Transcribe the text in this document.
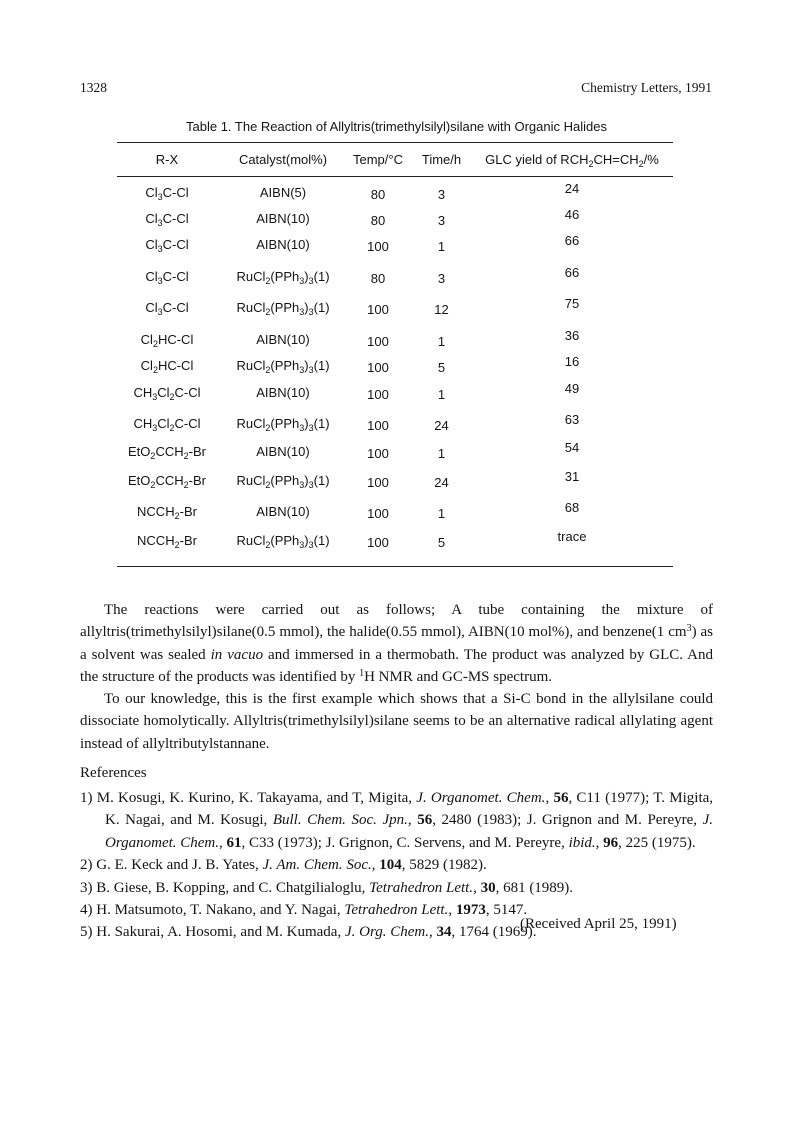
1328	Chemistry Letters, 1991
Table 1. The Reaction of Allyltris(trimethylsilyl)silane with Organic Halides
R-X	Catalyst(mol%)	Temp/°C	Time/h	GLC yield of $RCH_2CH=CH_2/\%$
$Cl_3C-Cl$	AIBN(5)	80	3	24
$Cl_3C-Cl$	AIBN(10)	80	3	46
$Cl_3C-Cl$	AIBN(10)	100	1	66
$Cl_3C-Cl$	$RuCl_2(PPh_3)_3(1)$	80	3	66
$Cl_3C-Cl$	$RuCl_2(PPh_3)_3(1)$	100	12	75
$Cl_2HC-Cl$	AIBN(10)	100	1	36
$Cl_2HC-Cl$	$RuCl_2(PPh_3)_3(1)$	100	5	16
$CH_3Cl_2C-Cl$	AIBN(10)	100	1	49
$CH_3Cl_2C-Cl$	$RuCl_2(PPh_3)_3(1)$	100	24	63
$EtO_2CCH_2-Br$	AIBN(10)	100	1	54
$EtO_2CCH_2-Br$	$RuCl_2(PPh_3)_3(1)$	100	24	31
$NCCH_2-Br$	AIBN(10)	100	1	68
$NCCH_2-Br$	$RuCl_2(PPh_3)_3(1)$	100	5	trace
The reactions were carried out as follows; A tube containing the mixture of allyltris(trimethylsilyl)silane(0.5 mmol), the halide(0.55 mmol), AIBN(10 mol%), and benzene(1 $cm^3$) as a solvent was sealed in vacuo and immersed in a thermobath. The product was analyzed by GLC. And the structure of the products was identified by $^1$H NMR and GC-MS spectrum.
To our knowledge, this is the first example which shows that a Si-C bond in the allylsilane could dissociate homolytically. Allyltris(trimethylsilyl)silane seems to be an alternative radical allylating agent instead of allyltributylstannane.
References
1) M. Kosugi, K. Kurino, K. Takayama, and T, Migita, J. Organomet. Chem., 56, C11 (1977); T. Migita, K. Nagai, and M. Kosugi, Bull. Chem. Soc. Jpn., 56, 2480 (1983); J. Grignon and M. Pereyre, J. Organomet. Chem., 61, C33 (1973); J. Grignon, C. Servens, and M. Pereyre, ibid., 96, 225 (1975).
2) G. E. Keck and J. B. Yates, J. Am. Chem. Soc., 104, 5829 (1982).
3) B. Giese, B. Kopping, and C. Chatgilialoglu, Tetrahedron Lett., 30, 681 (1989).
4) H. Matsumoto, T. Nakano, and Y. Nagai, Tetrahedron Lett., 1973, 5147.
5) H. Sakurai, A. Hosomi, and M. Kumada, J. Org. Chem., 34, 1764 (1969).
(Received April 25, 1991)
